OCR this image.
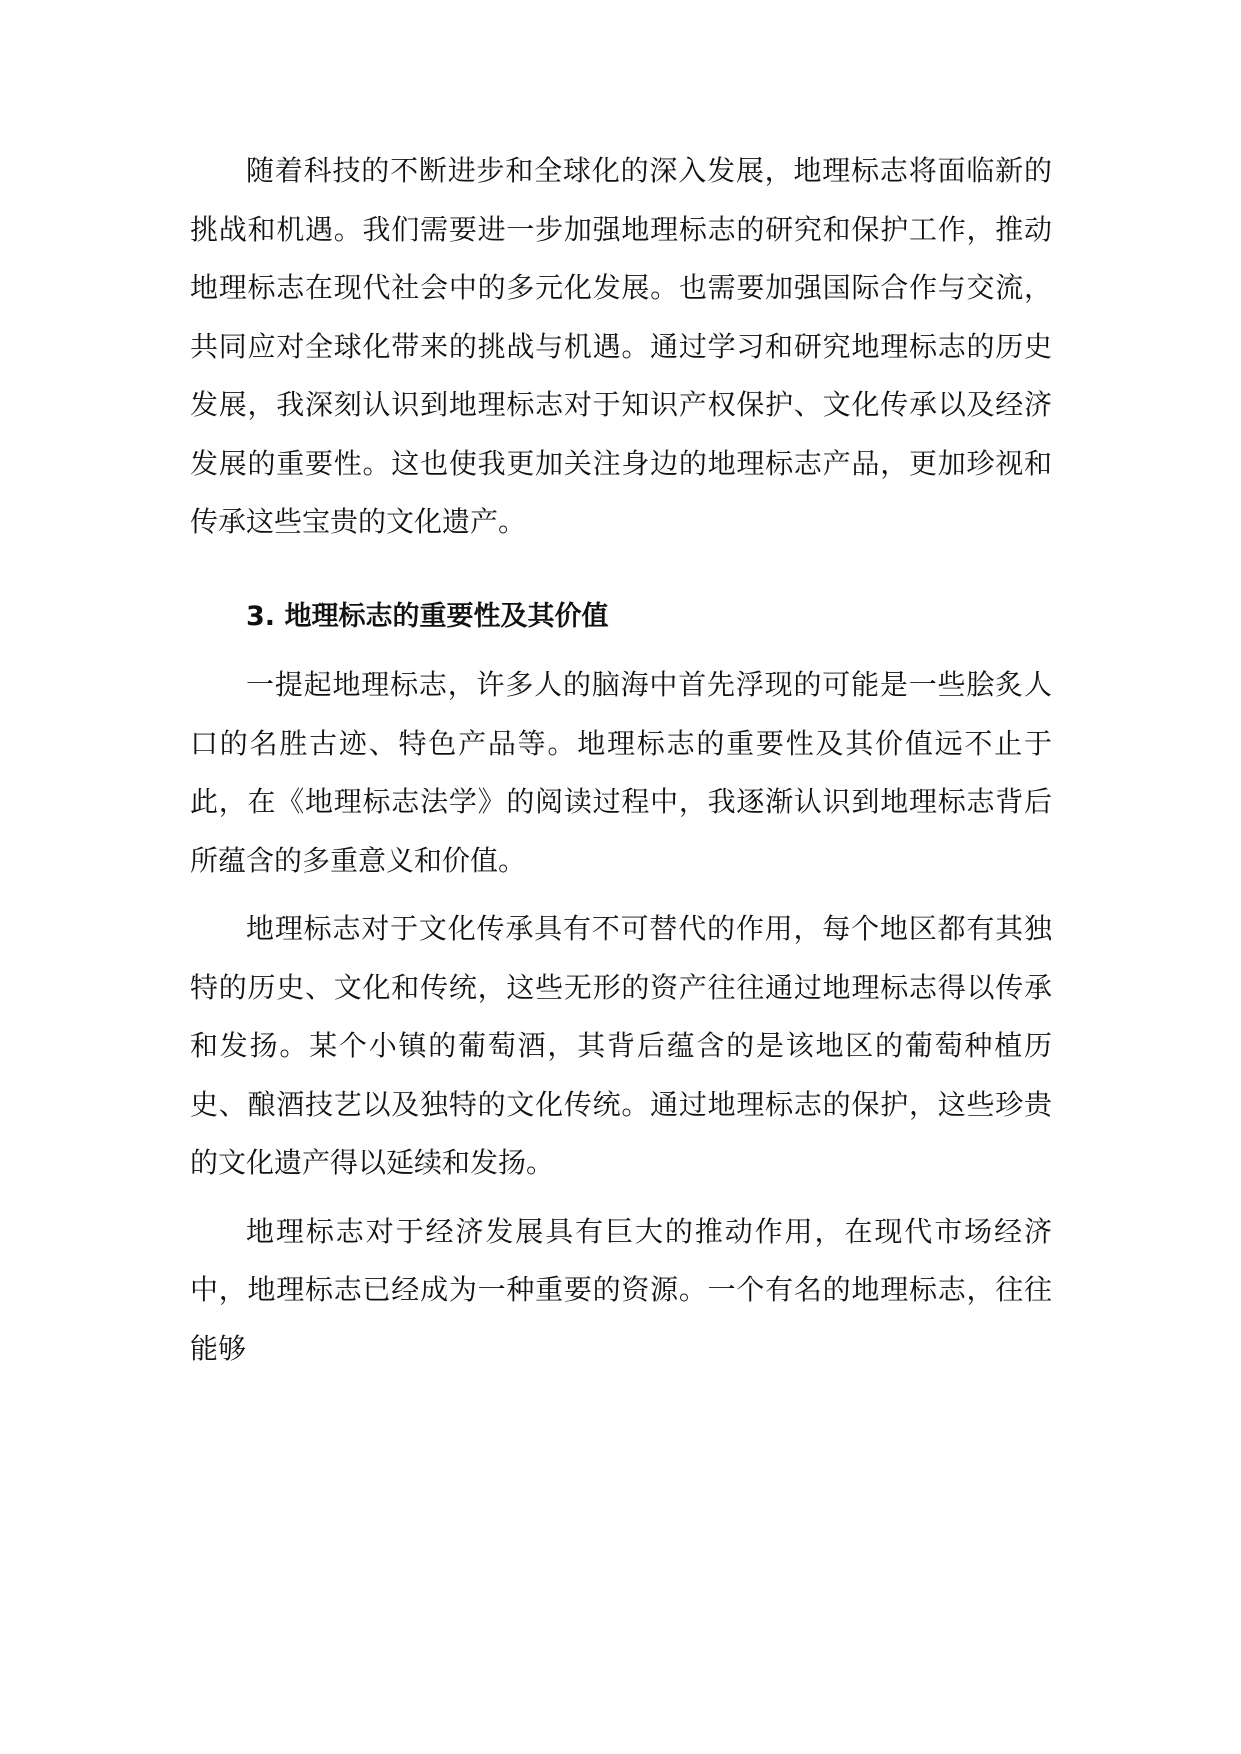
随着科技的不断进步和全球化的深入发展，地理标志将面临新的挑战和机遇。我们需要进一步加强地理标志的研究和保护工作，推动地理标志在现代社会中的多元化发展。也需要加强国际合作与交流，共同应对全球化带来的挑战与机遇。通过学习和研究地理标志的历史发展，我深刻认识到地理标志对于知识产权保护、文化传承以及经济发展的重要性。这也使我更加关注身边的地理标志产品，更加珍视和传承这些宝贵的文化遗产。

3. 地理标志的重要性及其价值

一提起地理标志，许多人的脑海中首先浮现的可能是一些脍炙人口的名胜古迹、特色产品等。地理标志的重要性及其价值远不止于此，在《地理标志法学》的阅读过程中，我逐渐认识到地理标志背后所蕴含的多重意义和价值。

地理标志对于文化传承具有不可替代的作用，每个地区都有其独特的历史、文化和传统，这些无形的资产往往通过地理标志得以传承和发扬。某个小镇的葡萄酒，其背后蕴含的是该地区的葡萄种植历史、酿酒技艺以及独特的文化传统。通过地理标志的保护，这些珍贵的文化遗产得以延续和发扬。

地理标志对于经济发展具有巨大的推动作用，在现代市场经济中，地理标志已经成为一种重要的资源。一个有名的地理标志，往往能够
